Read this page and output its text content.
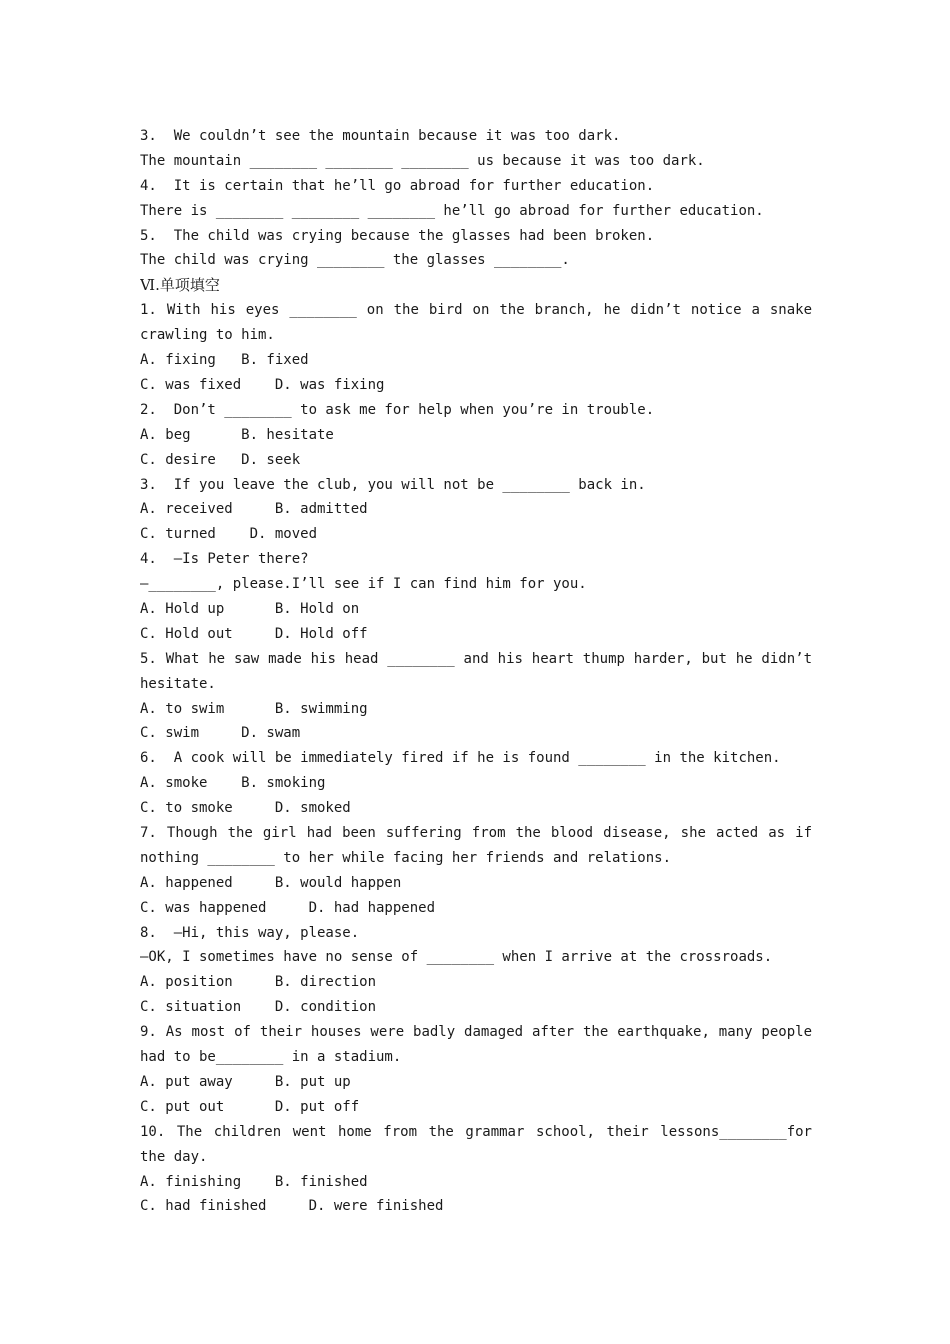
3.  We couldn’t see the mountain because it was too dark.
The mountain ________ ________ ________ us because it was too dark.
4.  It is certain that he’ll go abroad for further education.
There is ________ ________ ________ he’ll go abroad for further education.
5.  The child was crying because the glasses had been broken.
The child was crying ________ the glasses ________.
Ⅵ.单项填空
1. With his eyes ________ on the bird on the branch, he didn’t notice a snake crawling to him.
A. fixing   B. fixed
C. was fixed    D. was fixing
2.  Don’t ________ to ask me for help when you’re in trouble.
A. beg      B. hesitate
C. desire   D. seek
3.  If you leave the club, you will not be ________ back in.
A. received     B. admitted
C. turned    D. moved
4.  —Is Peter there?
—________, please.I’ll see if I can find him for you.
A. Hold up      B. Hold on
C. Hold out     D. Hold off
5. What he saw made his head ________ and his heart thump harder, but he didn’t hesitate.
A. to swim      B. swimming
C. swim     D. swam
6.  A cook will be immediately fired if he is found ________ in the kitchen.
A. smoke    B. smoking
C. to smoke     D. smoked
7. Though the girl had been suffering from the blood disease, she acted as if nothing ________ to her while facing her friends and relations.
A. happened     B. would happen
C. was happened     D. had happened
8.  —Hi, this way, please.
—OK, I sometimes have no sense of ________ when I arrive at the crossroads.
A. position     B. direction
C. situation    D. condition
9. As most of their houses were badly damaged after the earthquake, many people had to be________ in a stadium.
A. put away     B. put up
C. put out      D. put off
10. The children went home from the grammar school, their lessons________for the day.
A. finishing    B. finished
C. had finished     D. were finished
